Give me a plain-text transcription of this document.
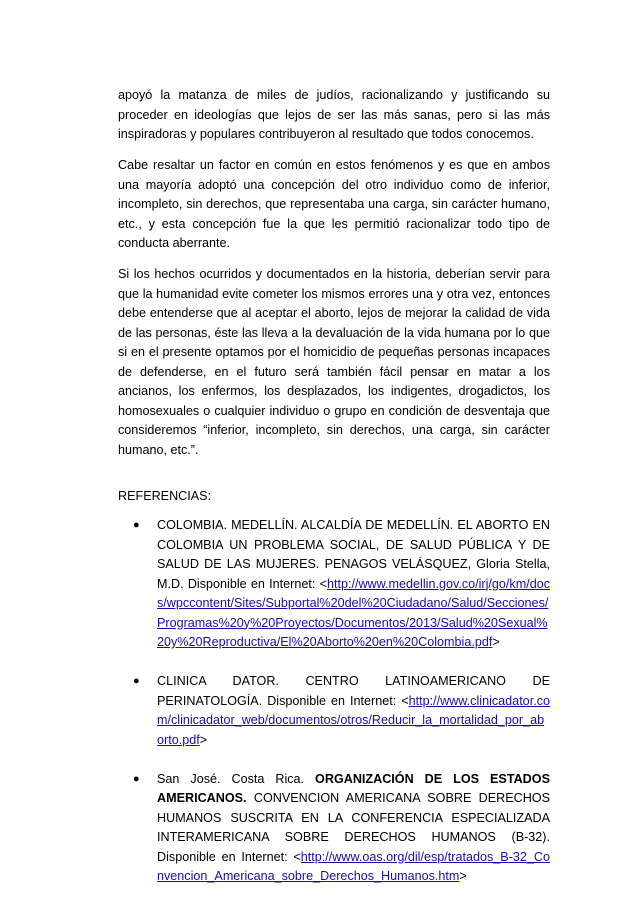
apoyó la matanza de miles de judíos, racionalizando y justificando su proceder en ideologías que lejos de ser las más sanas, pero si las más inspiradoras y populares contribuyeron al resultado que todos conocemos.

Cabe resaltar un factor en común en estos fenómenos y es que en ambos una mayoría adoptó una concepción del otro individuo como de inferior, incompleto, sin derechos, que representaba una carga, sin carácter humano, etc., y esta concepción fue la que les permitió racionalizar todo tipo de conducta aberrante.

Si los hechos ocurridos y documentados en la historia, deberían servir para que la humanidad evite cometer los mismos errores una y otra vez, entonces debe entenderse que al aceptar el aborto, lejos de mejorar la calidad de vida de las personas, éste las lleva a la devaluación de la vida humana por lo que si en el presente optamos por el homicidio de pequeñas personas incapaces de defenderse, en el futuro será también fácil pensar en matar a los ancianos, los enfermos, los desplazados, los indigentes, drogadictos, los homosexuales o cualquier individuo o grupo en condición de desventaja que consideremos “inferior, incompleto, sin derechos, una carga, sin carácter humano, etc.”.

REFERENCIAS:

● COLOMBIA. MEDELLÍN. ALCALDÍA DE MEDELLÍN. EL ABORTO EN COLOMBIA UN PROBLEMA SOCIAL, DE SALUD PÚBLICA Y DE SALUD DE LAS MUJERES. PENAGOS VELÁSQUEZ, Gloria Stella, M.D. Disponible en Internet: <http://www.medellin.gov.co/irj/go/km/docs/wpccontent/Sites/Subportal%20del%20Ciudadano/Salud/Secciones/Programas%20y%20Proyectos/Documentos/2013/Salud%20Sexual%20y%20Reproductiva/El%20Aborto%20en%20Colombia.pdf>
● CLINICA DATOR. CENTRO LATINOAMERICANO DE PERINATOLOGÍA. Disponible en Internet: <http://www.clinicadator.com/clinicadator_web/documentos/otros/Reducir_la_mortalidad_por_aborto.pdf>
● San José. Costa Rica. ORGANIZACIÓN DE LOS ESTADOS AMERICANOS. CONVENCION AMERICANA SOBRE DERECHOS HUMANOS SUSCRITA EN LA CONFERENCIA ESPECIALIZADA INTERAMERICANA SOBRE DERECHOS HUMANOS (B-32). Disponible en Internet: <http://www.oas.org/dil/esp/tratados_B-32_Convencion_Americana_sobre_Derechos_Humanos.htm>
